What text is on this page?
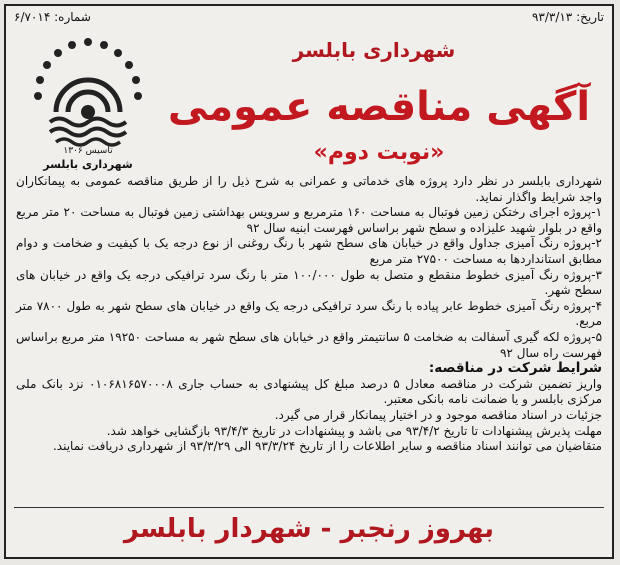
تاریخ: ۹۳/۳/۱۳
شماره: ۶/۷۰۱۴
تاسیس ۱۳۰۶
شهرداری بابلسر
شهرداری بابلسر
آگهی مناقصه عمومی
«نوبت دوم»

شهرداری بابلسر در نظر دارد پروژه های خدماتی و عمرانی به شرح ذیل را از طریق مناقصه عمومی به پیمانکاران واجد شرایط واگذار نماید.

۱-پروژه اجرای رختکن زمین فوتبال به مساحت ۱۶۰ مترمربع و سرویس بهداشتی زمین فوتبال به مساحت ۲۰ متر مربع واقع در بلوار شهید علیزاده و سطح شهر براساس فهرست ابنیه سال ۹۲

۲-پروژه رنگ آمیزی جداول واقع در خیابان های سطح شهر با رنگ روغنی از نوع درجه یک با کیفیت و ضخامت و دوام مطابق استانداردها به مساحت ۲۷۵۰۰ متر مربع

۳-پروژه رنگ آمیزی خطوط منقطع و متصل به طول ۱۰۰/۰۰۰ متر با رنگ سرد ترافیکی درجه یک واقع در خیابان های سطح شهر.

۴-پروژه رنگ آمیزی خطوط عابر پیاده با رنگ سرد ترافیکی درجه یک واقع در خیابان های سطح شهر به طول ۷۸۰۰ متر مربع.

۵-پروژه لکه گیری آسفالت به ضخامت ۵ سانتیمتر واقع در خیابان های سطح شهر به مساحت ۱۹۲۵۰ متر مربع براساس فهرست راه سال ۹۲

شرایط شرکت در مناقصه:

واریز تضمین شرکت در مناقصه معادل ۵ درصد مبلغ کل پیشنهادی به حساب جاری ۰۱۰۶۸۱۶۵۷۰۰۰۸ نزد بانک ملی مرکزی بابلسر و یا ضمانت نامه بانکی معتبر.

جزئیات در اسناد مناقصه موجود و در اختیار پیمانکار قرار می گیرد.

مهلت پذیرش پیشنهادات تا تاریخ ۹۳/۴/۲ می باشد و پیشنهادات در تاریخ ۹۳/۴/۳ بازگشایی خواهد شد.

متقاضیان می توانند اسناد مناقصه و سایر اطلاعات را از تاریخ ۹۳/۳/۲۴ الی ۹۳/۳/۲۹ از شهرداری دریافت نمایند.

بهروز رنجبر - شهردار بابلسر
